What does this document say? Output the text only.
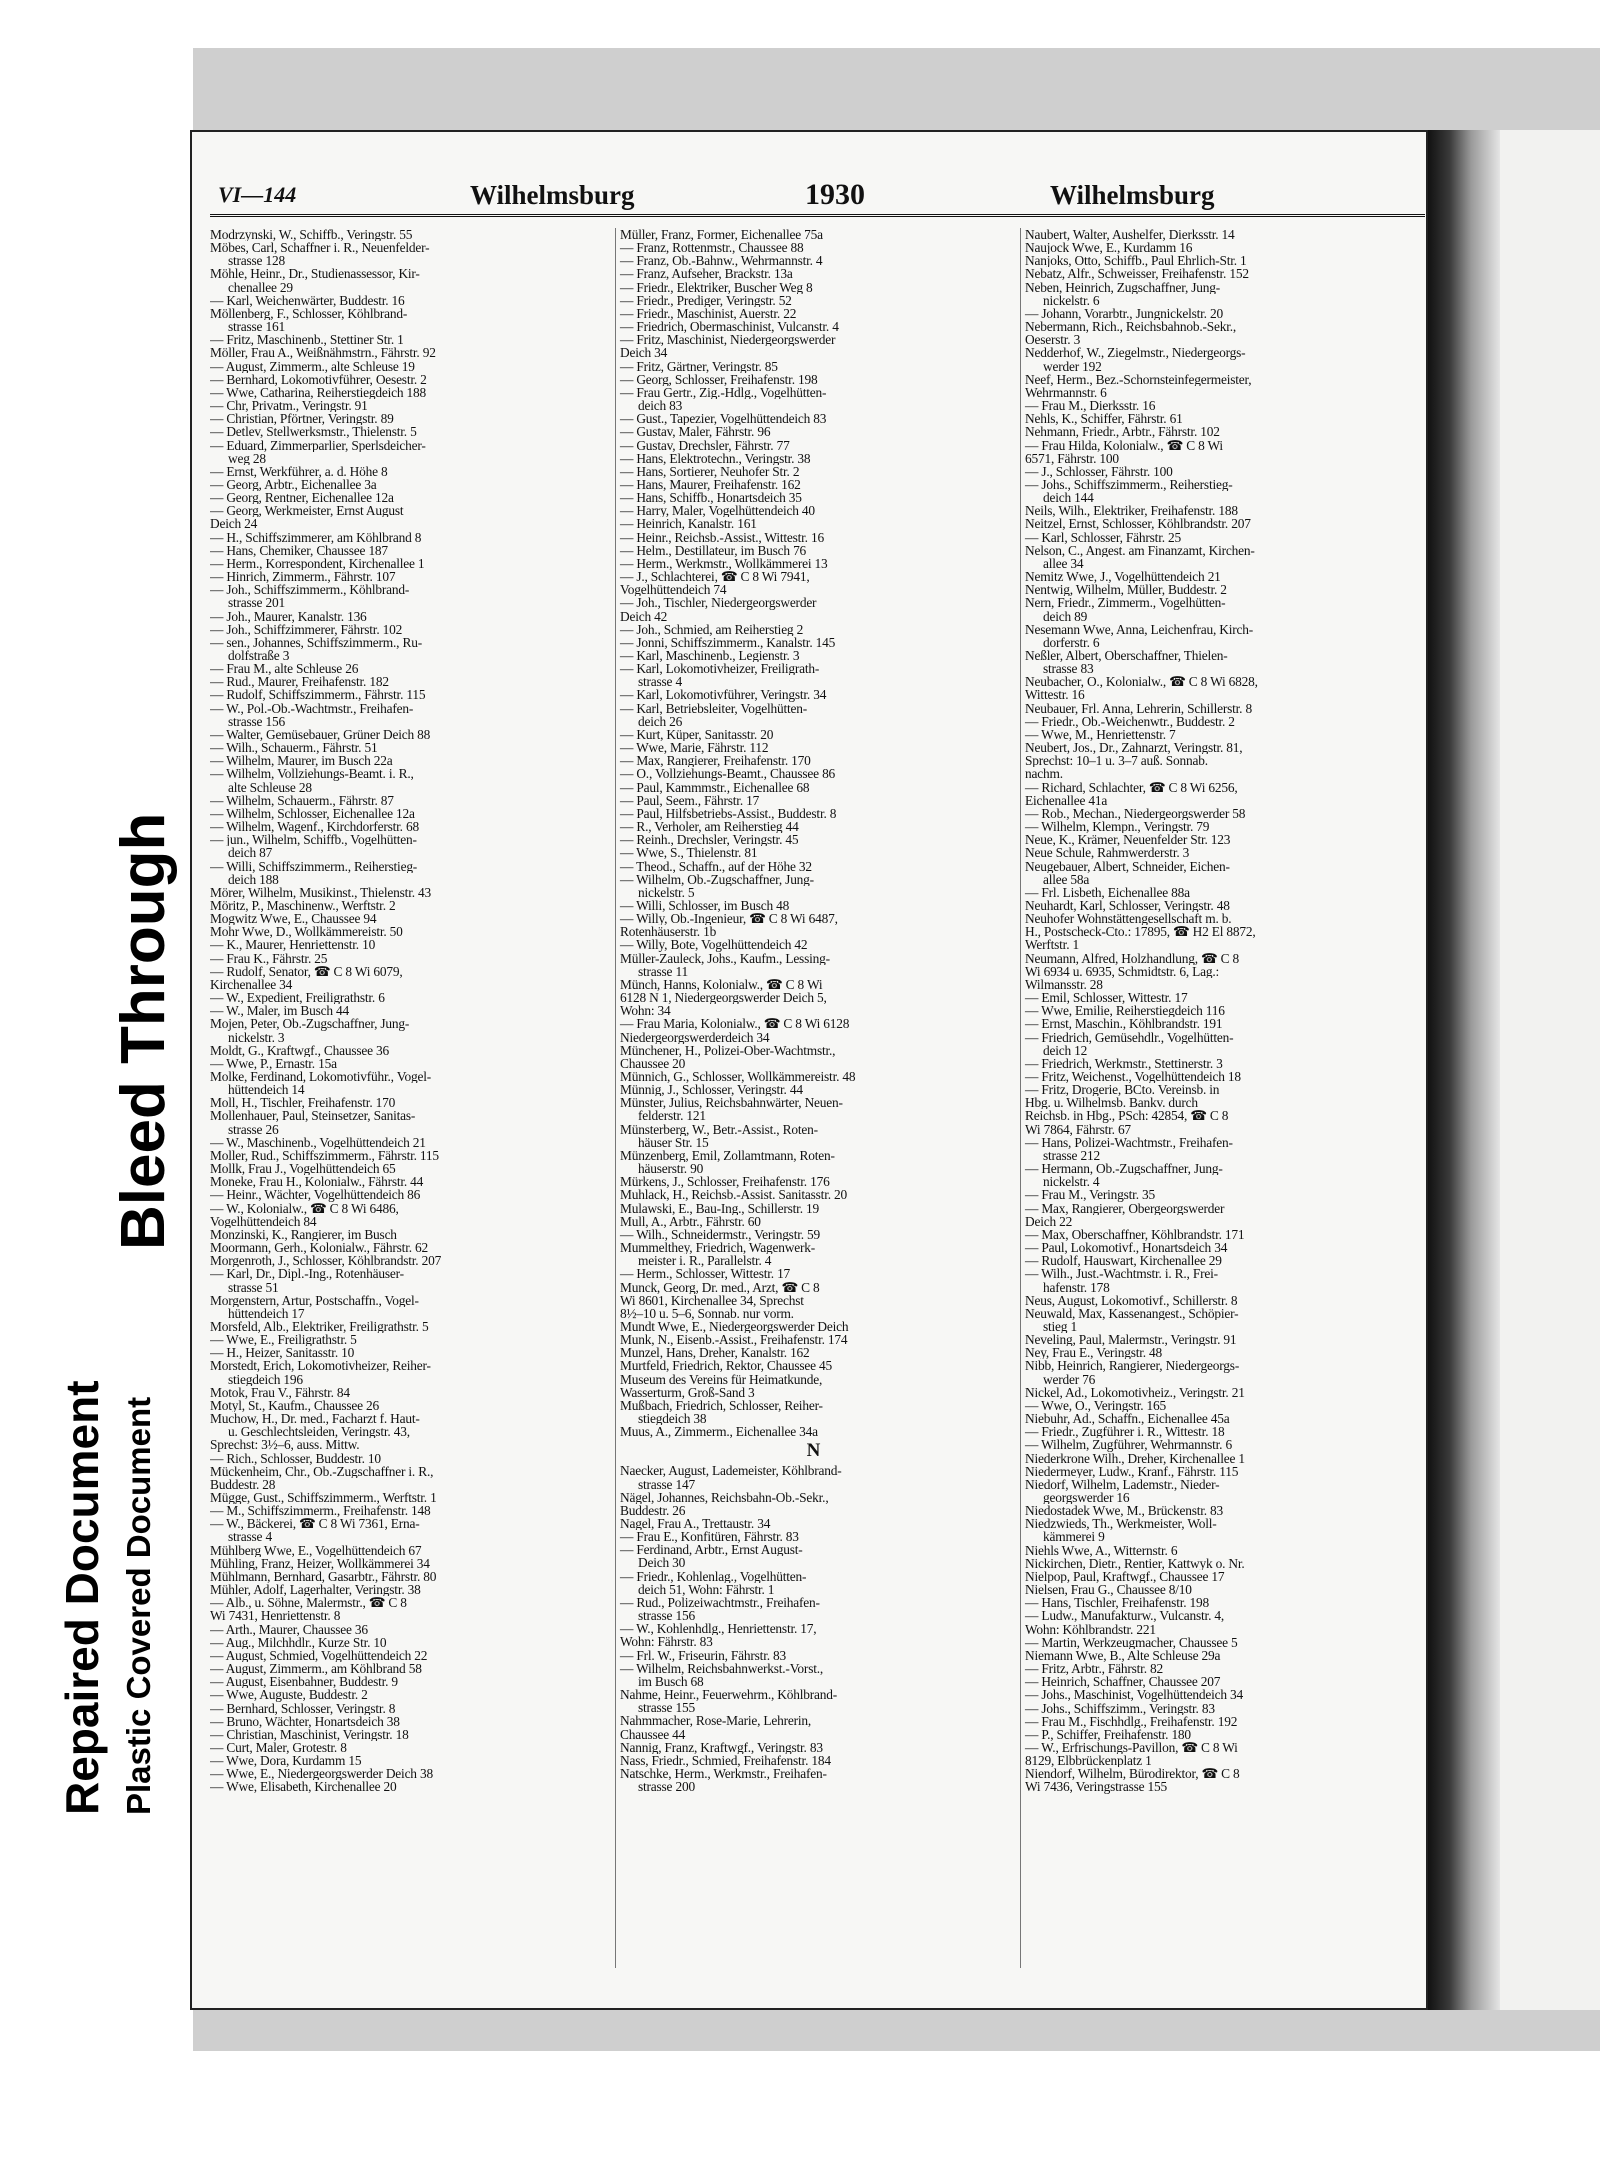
Repaired Document Plastic Covered Document
Bleed Through
VI—144	Wilhelmsburg	1930	Wilhelmsburg
Modrzynski, W., Schiffb., Veringstr. 55
Möbes, Carl, Schaffner i. R., Neuenfelder-
strasse 128
Möhle, Heinr., Dr., Studienassessor, Kir-
chenallee 29
— Karl, Weichenwärter, Buddestr. 16
Möllenberg, F., Schlosser, Köhlbrand-
strasse 161
— Fritz, Maschinenb., Stettiner Str. 1
Möller, Frau A., Weißnähmstrn., Fährstr. 92
— August, Zimmerm., alte Schleuse 19
— Bernhard, Lokomotivführer, Oesestr. 2
— Wwe, Catharina, Reiherstiegdeich 188
— Chr, Privatm., Veringstr. 91
— Christian, Pförtner, Veringstr. 89
— Detlev, Stellwerksmstr., Thielenstr. 5
— Eduard, Zimmerparlier, Sperlsdeicher-
weg 28
— Ernst, Werkführer, a. d. Höhe 8
— Georg, Arbtr., Eichenallee 3a
— Georg, Rentner, Eichenallee 12a
— Georg, Werkmeister, Ernst August
Deich 24
— H., Schiffszimmerer, am Köhlbrand 8
— Hans, Chemiker, Chaussee 187
— Herm., Korrespondent, Kirchenallee 1
— Hinrich, Zimmerm., Fährstr. 107
— Joh., Schiffszimmerm., Köhlbrand-
strasse 201
— Joh., Maurer, Kanalstr. 136
— Joh., Schiffzimmerer, Fährstr. 102
— sen., Johannes, Schiffszimmerm., Ru-
dolfstraße 3
— Frau M., alte Schleuse 26
— Rud., Maurer, Freihafenstr. 182
— Rudolf, Schiffszimmerm., Fährstr. 115
— W., Pol.-Ob.-Wachtmstr., Freihafen-
strasse 156
— Walter, Gemüsebauer, Grüner Deich 88
— Wilh., Schauerm., Fährstr. 51
— Wilhelm, Maurer, im Busch 22a
— Wilhelm, Vollziehungs-Beamt. i. R.,
alte Schleuse 28
— Wilhelm, Schauerm., Fährstr. 87
— Wilhelm, Schlosser, Eichenallee 12a
— Wilhelm, Wagenf., Kirchdorferstr. 68
— jun., Wilhelm, Schiffb., Vogelhütten-
deich 87
— Willi, Schiffszimmerm., Reiherstieg-
deich 188
Mörer, Wilhelm, Musikinst., Thielenstr. 43
Möritz, P., Maschinenw., Werftstr. 2
Mogwitz Wwe, E., Chaussee 94
Mohr Wwe, D., Wollkämmereistr. 50
— K., Maurer, Henriettenstr. 10
— Frau K., Fährstr. 25
— Rudolf, Senator, ☎ C 8 Wi 6079,
Kirchenallee 34
— W., Expedient, Freiligrathstr. 6
— W., Maler, im Busch 44
Mojen, Peter, Ob.-Zugschaffner, Jung-
nickelstr. 3
Moldt, G., Kraftwgf., Chaussee 36
— Wwe, P., Ernastr. 15a
Molke, Ferdinand, Lokomotivführ., Vogel-
hüttendeich 14
Moll, H., Tischler, Freihafenstr. 170
Mollenhauer, Paul, Steinsetzer, Sanitas-
strasse 26
— W., Maschinenb., Vogelhüttendeich 21
Moller, Rud., Schiffszimmerm., Fährstr. 115
Mollk, Frau J., Vogelhüttendeich 65
Moneke, Frau H., Kolonialw., Fährstr. 44
— Heinr., Wächter, Vogelhüttendeich 86
— W., Kolonialw., ☎ C 8 Wi 6486,
Vogelhüttendeich 84
Monzinski, K., Rangierer, im Busch
Moormann, Gerh., Kolonialw., Fährstr. 62
Morgenroth, J., Schlosser, Köhlbrandstr. 207
— Karl, Dr., Dipl.-Ing., Rotenhäuser-
strasse 51
Morgenstern, Artur, Postschaffn., Vogel-
hüttendeich 17
Morsfeld, Alb., Elektriker, Freiligrathstr. 5
— Wwe, E., Freiligrathstr. 5
— H., Heizer, Sanitasstr. 10
Morstedt, Erich, Lokomotivheizer, Reiher-
stiegdeich 196
Motok, Frau V., Fährstr. 84
Motyl, St., Kaufm., Chaussee 26
Muchow, H., Dr. med., Facharzt f. Haut-
u. Geschlechtsleiden, Veringstr. 43,
Sprechst: 3½–6, auss. Mittw.
— Rich., Schlosser, Buddestr. 10
Mückenheim, Chr., Ob.-Zugschaffner i. R.,
Buddestr. 28
Mügge, Gust., Schiffszimmerm., Werftstr. 1
— M., Schiffszimmerm., Freihafenstr. 148
— W., Bäckerei, ☎ C 8 Wi 7361, Erna-
strasse 4
Mühlberg Wwe, E., Vogelhüttendeich 67
Mühling, Franz, Heizer, Wollkämmerei 34
Mühlmann, Bernhard, Gasarbtr., Fährstr. 80
Mühler, Adolf, Lagerhalter, Veringstr. 38
— Alb., u. Söhne, Malermstr., ☎ C 8
Wi 7431, Henriettenstr. 8
— Arth., Maurer, Chaussee 36
— Aug., Milchhdlr., Kurze Str. 10
— August, Schmied, Vogelhüttendeich 22
— August, Zimmerm., am Köhlbrand 58
— August, Eisenbahner, Buddestr. 9
— Wwe, Auguste, Buddestr. 2
— Bernhard, Schlosser, Veringstr. 8
— Bruno, Wächter, Honartsdeich 38
— Christian, Maschinist, Veringstr. 18
— Curt, Maler, Grotestr. 8
— Wwe, Dora, Kurdamm 15
— Wwe, E., Niedergeorgswerder Deich 38
— Wwe, Elisabeth, Kirchenallee 20
Müller, Franz, Former, Eichenallee 75a
— Franz, Rottenmstr., Chaussee 88
— Franz, Ob.-Bahnw., Wehrmannstr. 4
— Franz, Aufseher, Brackstr. 13a
— Friedr., Elektriker, Buscher Weg 8
— Friedr., Prediger, Veringstr. 52
— Friedr., Maschinist, Auerstr. 22
— Friedrich, Obermaschinist, Vulcanstr. 4
— Fritz, Maschinist, Niedergeorgswerder
Deich 34
— Fritz, Gärtner, Veringstr. 85
— Georg, Schlosser, Freihafenstr. 198
— Frau Gertr., Zig.-Hdlg., Vogelhütten-
deich 83
— Gust., Tapezier, Vogelhüttendeich 83
— Gustav, Maler, Fährstr. 96
— Gustav, Drechsler, Fährstr. 77
— Hans, Elektrotechn., Veringstr. 38
— Hans, Sortierer, Neuhofer Str. 2
— Hans, Maurer, Freihafenstr. 162
— Hans, Schiffb., Honartsdeich 35
— Harry, Maler, Vogelhüttendeich 40
— Heinrich, Kanalstr. 161
— Heinr., Reichsb.-Assist., Wittestr. 16
— Helm., Destillateur, im Busch 76
— Herm., Werkmstr., Wollkämmerei 13
— J., Schlachterei, ☎ C 8 Wi 7941,
Vogelhüttendeich 74
— Joh., Tischler, Niedergeorgswerder
Deich 42
— Joh., Schmied, am Reiherstieg 2
— Jonni, Schiffszimmerm., Kanalstr. 145
— Karl, Maschinenb., Legienstr. 3
— Karl, Lokomotivheizer, Freiligrath-
strasse 4
— Karl, Lokomotivführer, Veringstr. 34
— Karl, Betriebsleiter, Vogelhütten-
deich 26
— Kurt, Küper, Sanitasstr. 20
— Wwe, Marie, Fährstr. 112
— Max, Rangierer, Freihafenstr. 170
— O., Vollziehungs-Beamt., Chaussee 86
— Paul, Kammmstr., Eichenallee 68
— Paul, Seem., Fährstr. 17
— Paul, Hilfsbetriebs-Assist., Buddestr. 8
— R., Verholer, am Reiherstieg 44
— Reinh., Drechsler, Veringstr. 45
— Wwe, S., Thielenstr. 81
— Theod., Schaffn., auf der Höhe 32
— Wilhelm, Ob.-Zugschaffner, Jung-
nickelstr. 5
— Willi, Schlosser, im Busch 48
— Willy, Ob.-Ingenieur, ☎ C 8 Wi 6487,
Rotenhäuserstr. 1b
— Willy, Bote, Vogelhüttendeich 42
Müller-Zauleck, Johs., Kaufm., Lessing-
strasse 11
Münch, Hanns, Kolonialw., ☎ C 8 Wi
6128 N 1, Niedergeorgswerder Deich 5,
Wohn: 34
— Frau Maria, Kolonialw., ☎ C 8 Wi 6128
Niedergeorgswerderdeich 34
Münchener, H., Polizei-Ober-Wachtmstr.,
Chaussee 20
Münnich, G., Schlosser, Wollkämmereistr. 48
Münnig, J., Schlosser, Veringstr. 44
Münster, Julius, Reichsbahnwärter, Neuen-
felderstr. 121
Münsterberg, W., Betr.-Assist., Roten-
häuser Str. 15
Münzenberg, Emil, Zollamtmann, Roten-
häuserstr. 90
Mürkens, J., Schlosser, Freihafenstr. 176
Muhlack, H., Reichsb.-Assist. Sanitasstr. 20
Mulawski, E., Bau-Ing., Schillerstr. 19
Mull, A., Arbtr., Fährstr. 60
— Wilh., Schneidermstr., Veringstr. 59
Mummelthey, Friedrich, Wagenwerk-
meister i. R., Parallelstr. 4
— Herm., Schlosser, Wittestr. 17
Munck, Georg, Dr. med., Arzt, ☎ C 8
Wi 8601, Kirchenallee 34, Sprechst
8½–10 u. 5–6, Sonnab. nur vorm.
Mundt Wwe, E., Niedergeorgswerder Deich
Munk, N., Eisenb.-Assist., Freihafenstr. 174
Munzel, Hans, Dreher, Kanalstr. 162
Murtfeld, Friedrich, Rektor, Chaussee 45
Museum des Vereins für Heimatkunde,
Wasserturm, Groß-Sand 3
Mußbach, Friedrich, Schlosser, Reiher-
stiegdeich 38
Muus, A., Zimmerm., Eichenallee 34a
N
Naecker, August, Lademeister, Köhlbrand-
strasse 147
Nägel, Johannes, Reichsbahn-Ob.-Sekr.,
Buddestr. 26
Nagel, Frau A., Trettaustr. 34
— Frau E., Konfitüren, Fährstr. 83
— Ferdinand, Arbtr., Ernst August-
Deich 30
— Friedr., Kohlenlag., Vogelhütten-
deich 51, Wohn: Fährstr. 1
— Rud., Polizeiwachtmstr., Freihafen-
strasse 156
— W., Kohlenhdlg., Henriettenstr. 17,
Wohn: Fährstr. 83
— Frl. W., Friseurin, Fährstr. 83
— Wilhelm, Reichsbahnwerkst.-Vorst.,
im Busch 68
Nahme, Heinr., Feuerwehrm., Köhlbrand-
strasse 155
Nahmmacher, Rose-Marie, Lehrerin,
Chaussee 44
Nannig, Franz, Kraftwgf., Veringstr. 83
Nass, Friedr., Schmied, Freihafenstr. 184
Natschke, Herm., Werkmstr., Freihafen-
strasse 200
Naubert, Walter, Aushelfer, Dierksstr. 14
Naujock Wwe, E., Kurdamm 16
Nanjoks, Otto, Schiffb., Paul Ehrlich-Str. 1
Nebatz, Alfr., Schweisser, Freihafenstr. 152
Neben, Heinrich, Zugschaffner, Jung-
nickelstr. 6
— Johann, Vorarbtr., Jungnickelstr. 20
Nebermann, Rich., Reichsbahnob.-Sekr.,
Oeserstr. 3
Nedderhof, W., Ziegelmstr., Niedergeorgs-
werder 192
Neef, Herm., Bez.-Schornsteinfegermeister,
Wehrmannstr. 6
— Frau M., Dierksstr. 16
Nehls, K., Schiffer, Fährstr. 61
Nehmann, Friedr., Arbtr., Fährstr. 102
— Frau Hilda, Kolonialw., ☎ C 8 Wi
6571, Fährstr. 100
— J., Schlosser, Fährstr. 100
— Johs., Schiffszimmerm., Reiherstieg-
deich 144
Neils, Wilh., Elektriker, Freihafenstr. 188
Neitzel, Ernst, Schlosser, Köhlbrandstr. 207
— Karl, Schlosser, Fährstr. 25
Nelson, C., Angest. am Finanzamt, Kirchen-
allee 34
Nemitz Wwe, J., Vogelhüttendeich 21
Nentwig, Wilhelm, Müller, Buddestr. 2
Nern, Friedr., Zimmerm., Vogelhütten-
deich 89
Nesemann Wwe, Anna, Leichenfrau, Kirch-
dorferstr. 6
Neßler, Albert, Oberschaffner, Thielen-
strasse 83
Neubacher, O., Kolonialw., ☎ C 8 Wi 6828,
Wittestr. 16
Neubauer, Frl. Anna, Lehrerin, Schillerstr. 8
— Friedr., Ob.-Weichenwtr., Buddestr. 2
— Wwe, M., Henriettenstr. 7
Neubert, Jos., Dr., Zahnarzt, Veringstr. 81,
Sprechst: 10–1 u. 3–7 auß. Sonnab.
nachm.
— Richard, Schlachter, ☎ C 8 Wi 6256,
Eichenallee 41a
— Rob., Mechan., Niedergeorgswerder 58
— Wilhelm, Klempn., Veringstr. 79
Neue, K., Krämer, Neuenfelder Str. 123
Neue Schule, Rahmwerderstr. 3
Neugebauer, Albert, Schneider, Eichen-
allee 58a
— Frl. Lisbeth, Eichenallee 88a
Neuhardt, Karl, Schlosser, Veringstr. 48
Neuhofer Wohnstättengesellschaft m. b.
H., Postscheck-Cto.: 17895, ☎ H2 El 8872,
Werftstr. 1
Neumann, Alfred, Holzhandlung, ☎ C 8
Wi 6934 u. 6935, Schmidtstr. 6, Lag.:
Wilmansstr. 28
— Emil, Schlosser, Wittestr. 17
— Wwe, Emilie, Reiherstiegdeich 116
— Ernst, Maschin., Köhlbrandstr. 191
— Friedrich, Gemüsehdlr., Vogelhütten-
deich 12
— Friedrich, Werkmstr., Stettinerstr. 3
— Fritz, Weichenst., Vogelhüttendeich 18
— Fritz, Drogerie, BCto. Vereinsb. in
Hbg. u. Wilhelmsb. Bankv. durch
Reichsb. in Hbg., PSch: 42854, ☎ C 8
Wi 7864, Fährstr. 67
— Hans, Polizei-Wachtmstr., Freihafen-
strasse 212
— Hermann, Ob.-Zugschaffner, Jung-
nickelstr. 4
— Frau M., Veringstr. 35
— Max, Rangierer, Obergeorgswerder
Deich 22
— Max, Oberschaffner, Köhlbrandstr. 171
— Paul, Lokomotivf., Honartsdeich 34
— Rudolf, Hauswart, Kirchenallee 29
— Wilh., Just.-Wachtmstr. i. R., Frei-
hafenstr. 178
Neus, August, Lokomotivf., Schillerstr. 8
Neuwald, Max, Kassenangest., Schöpier-
stieg 1
Neveling, Paul, Malermstr., Veringstr. 91
Ney, Frau E., Veringstr. 48
Nibb, Heinrich, Rangierer, Niedergeorgs-
werder 76
Nickel, Ad., Lokomotivheiz., Veringstr. 21
— Wwe, O., Veringstr. 165
Niebuhr, Ad., Schaffn., Eichenallee 45a
— Friedr., Zugführer i. R., Wittestr. 18
— Wilhelm, Zugführer, Wehrmannstr. 6
Niederkrone Wilh., Dreher, Kirchenallee 1
Niedermeyer, Ludw., Kranf., Fährstr. 115
Niedorf, Wilhelm, Lademstr., Nieder-
georgswerder 16
Niedostadek Wwe, M., Brückenstr. 83
Niedzwieds, Th., Werkmeister, Woll-
kämmerei 9
Niehls Wwe, A., Witternstr. 6
Nickirchen, Dietr., Rentier, Kattwyk o. Nr.
Nielpop, Paul, Kraftwgf., Chaussee 17
Nielsen, Frau G., Chaussee 8/10
— Hans, Tischler, Freihafenstr. 198
— Ludw., Manufakturw., Vulcanstr. 4,
Wohn: Köhlbrandstr. 221
— Martin, Werkzeugmacher, Chaussee 5
Niemann Wwe, B., Alte Schleuse 29a
— Fritz, Arbtr., Fährstr. 82
— Heinrich, Schaffner, Chaussee 207
— Johs., Maschinist, Vogelhüttendeich 34
— Johs., Schiffszimm., Veringstr. 83
— Frau M., Fischhdlg., Freihafenstr. 192
— P., Schiffer, Freihafenstr. 180
— W., Erfrischungs-Pavillon, ☎ C 8 Wi
8129, Elbbrückenplatz 1
Niendorf, Wilhelm, Bürodirektor, ☎ C 8
Wi 7436, Veringstrasse 155
